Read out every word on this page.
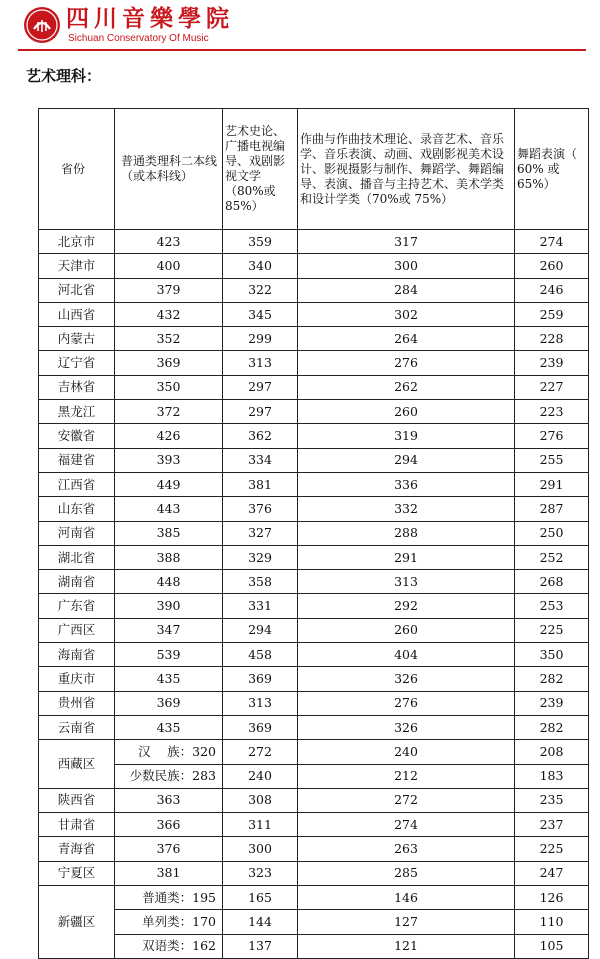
四川音樂學院
Sichuan Conservatory Of Music
艺术理科：
省份	普通类理科二本线（或本科线）	艺术史论、广播电视编导、戏剧影视文学（80%或 85%）	作曲与作曲技术理论、录音艺术、音乐学、音乐表演、动画、戏剧影视美术设计、影视摄影与制作、舞蹈学、舞蹈编导、表演、播音与主持艺术、美术学类和设计学类（70%或 75%）	舞蹈表演（ 60% 或65%）
北京市	423	359	317	274
天津市	400	340	300	260
河北省	379	322	284	246
山西省	432	345	302	259
内蒙古	352	299	264	228
辽宁省	369	313	276	239
吉林省	350	297	262	227
黑龙江	372	297	260	223
安徽省	426	362	319	276
福建省	393	334	294	255
江西省	449	381	336	291
山东省	443	376	332	287
河南省	385	327	288	250
湖北省	388	329	291	252
湖南省	448	358	313	268
广东省	390	331	292	253
广西区	347	294	260	225
海南省	539	458	404	350
重庆市	435	369	326	282
贵州省	369	313	276	239
云南省	435	369	326	282
西藏区	汉　 族：320	272	240	208
	少数民族：283	240	212	183
陕西省	363	308	272	235
甘肃省	366	311	274	237
青海省	376	300	263	225
宁夏区	381	323	285	247
新疆区	普通类：195	165	146	126
	单列类：170	144	127	110
	双语类：162	137	121	105
